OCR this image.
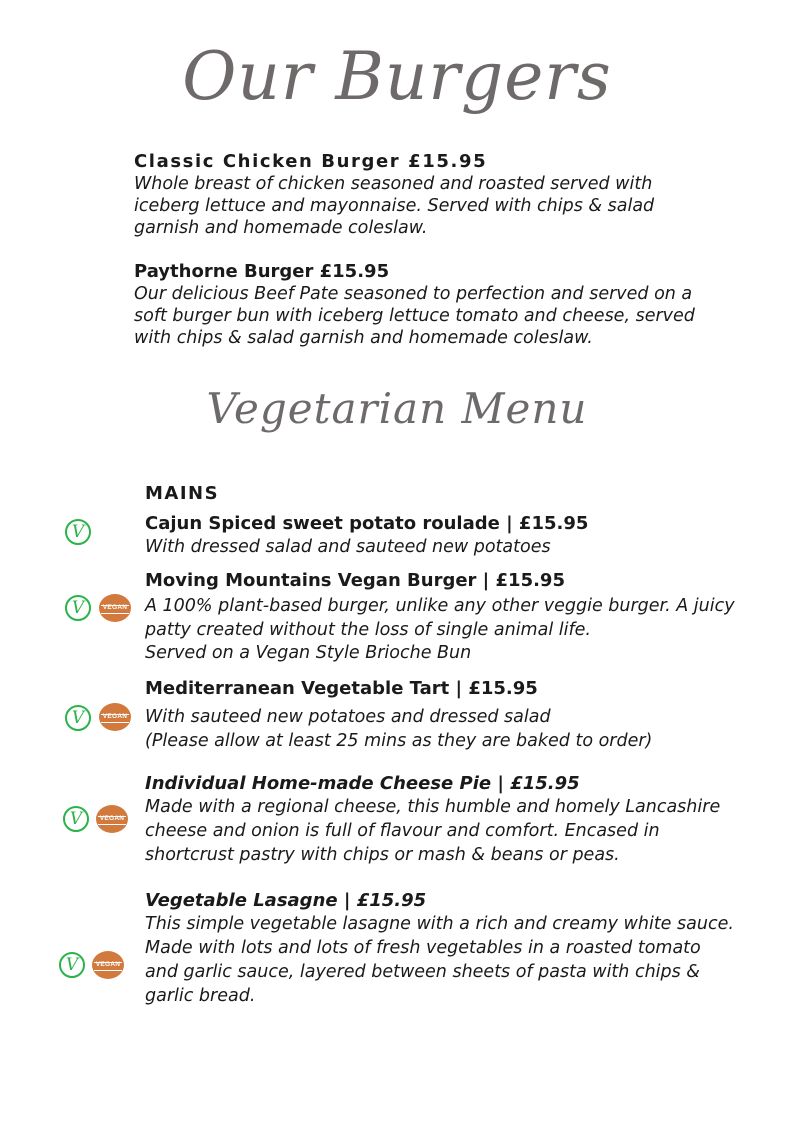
Our Burgers
Classic Chicken Burger £15.95
Whole breast of chicken seasoned and roasted served with
iceberg lettuce and mayonnaise. Served with chips & salad
garnish and homemade coleslaw.
Paythorne Burger £15.95
Our delicious Beef Pate seasoned to perfection and served on a
soft burger bun with iceberg lettuce tomato and cheese, served
with chips & salad garnish and homemade coleslaw.
Vegetarian Menu
MAINS
V	Cajun Spiced sweet potato roulade | £15.95
With dressed salad and sauteed new potatoes
V	VEGAN
Moving Mountains Vegan Burger | £15.95
A 100% plant-based burger, unlike any other veggie burger. A juicy
patty created without the loss of single animal life.
Served on a Vegan Style Brioche Bun
V	VEGAN
Mediterranean Vegetable Tart | £15.95
With sauteed new potatoes and dressed salad
(Please allow at least 25 mins as they are baked to order)
V	VEGAN
Individual Home-made Cheese Pie | £15.95
Made with a regional cheese, this humble and homely Lancashire
cheese and onion is full of flavour and comfort. Encased in
shortcrust pastry with chips or mash & beans or peas.
V	VEGAN
Vegetable Lasagne | £15.95
This simple vegetable lasagne with a rich and creamy white sauce.
Made with lots and lots of fresh vegetables in a roasted tomato
and garlic sauce, layered between sheets of pasta with chips &
garlic bread.
